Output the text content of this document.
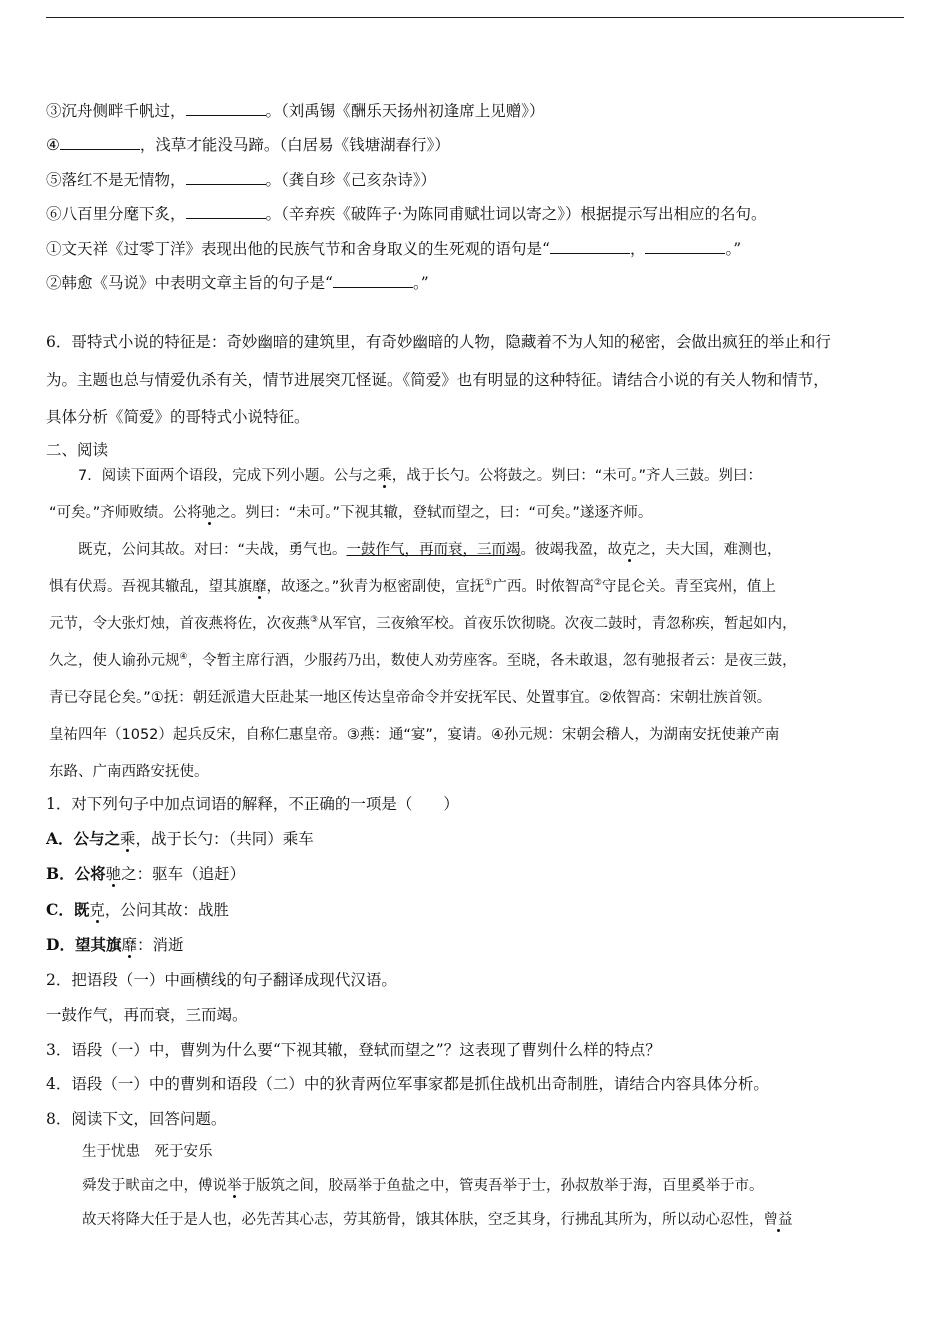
③沉舟侧畔千帆过，	。（刘禹锡《酬乐天扬州初逢席上见赠》）
④	，浅草才能没马蹄。（白居易《钱塘湖春行》）
⑤落红不是无情物，	。（龚自珍《己亥杂诗》）
⑥八百里分麾下炙，	。（辛弃疾《破阵子·为陈同甫赋壮词以寄之》）根据提示写出相应的名句。
①文天祥《过零丁洋》表现出他的民族气节和舍身取义的生死观的语句是“	，	。”
②韩愈《马说》中表明文章主旨的句子是“	。”
6．哥特式小说的特征是：奇妙幽暗的建筑里，有奇妙幽暗的人物，隐藏着不为人知的秘密，会做出疯狂的举止和行
为。主题也总与情爱仇杀有关，情节进展突兀怪诞。《简爱》也有明显的这种特征。请结合小说的有关人物和情节，
具体分析《简爱》的哥特式小说特征。
二、阅读
7．阅读下面两个语段，完成下列小题。公与之乘，战于长勺。公将鼓之。刿曰：“未可。”齐人三鼓。刿曰：
“可矣。”齐师败绩。公将驰之。刿曰：“未可。”下视其辙，登轼而望之，曰：“可矣。”遂逐齐师。
既克，公问其故。对曰：“夫战，勇气也。一鼓作气，再而衰，三而竭。彼竭我盈，故克之，夫大国，难测也，
惧有伏焉。吾视其辙乱，望其旗靡，故逐之。”狄青为枢密副使，宣抚①广西。时侬智高②守昆仑关。青至宾州，值上
元节，令大张灯烛，首夜燕将佐，次夜燕③从军官，三夜飨军校。首夜乐饮彻晓。次夜二鼓时，青忽称疾，暂起如内，
久之，使人谕孙元规④，令暂主席行酒，少服药乃出，数使人劝劳座客。至晓，各未敢退，忽有驰报者云：是夜三鼓，
青已夺昆仑矣。”①抚：朝廷派遣大臣赴某一地区传达皇帝命令并安抚军民、处置事宜。②侬智高：宋朝壮族首领。
皇祐四年（1052）起兵反宋，自称仁惠皇帝。③燕：通“宴”，宴请。④孙元规：宋朝会稽人，为湖南安抚使兼产南
东路、广南西路安抚使。
1．对下列句子中加点词语的解释，不正确的一项是（　　）
A．公与之乘，战于长勺：（共同）乘车
B．公将驰之：驱车（追赶）
C．既克，公问其故：战胜
D．望其旗靡：消逝
2．把语段（一）中画横线的句子翻译成现代汉语。
一鼓作气，再而衰，三而竭。
3．语段（一）中，曹刿为什么要“下视其辙，登轼而望之”？这表现了曹刿什么样的特点？
4．语段（一）中的曹刿和语段（二）中的狄青两位军事家都是抓住战机出奇制胜，请结合内容具体分析。
8．阅读下文，回答问题。
生于忧患　死于安乐
舜发于畎亩之中，傅说举于版筑之间，胶鬲举于鱼盐之中，管夷吾举于士，孙叔敖举于海，百里奚举于市。
故天将降大任于是人也，必先苦其心志，劳其筋骨，饿其体肤，空乏其身，行拂乱其所为，所以动心忍性，曾益
